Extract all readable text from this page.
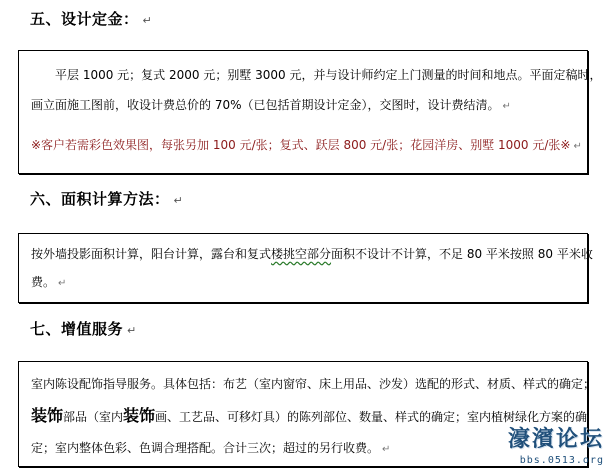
五、设计定金： ↵
平层 1000 元；复式 2000 元；别墅 3000 元，并与设计师约定上门测量的时间和地点。平面定稿时，
画立面施工图前，收设计费总价的 70%（已包括首期设计定金），交图时，设计费结清。 ↵
※客户若需彩色效果图，每张另加 100 元/张；复式、跃层 800 元/张；花园洋房、别墅 1000 元/张※ ↵
六、面积计算方法： ↵
按外墙投影面积计算，阳台计算，露台和复式楼挑空部分面积不设计不计算，不足 80 平米按照 80 平米收
费。 ↵
七、增值服务 ↵
室内陈设配饰指导服务。具体包括：布艺（室内窗帘、床上用品、沙发）选配的形式、材质、样式的确定；
装饰部品（室内装饰画、工艺品、可移灯具）的陈列部位、数量、样式的确定；室内植树绿化方案的确
定；室内整体色彩、色调合理搭配。合计三次；超过的另行收费。 ↵	濠濱论坛
bbs.0513.org
